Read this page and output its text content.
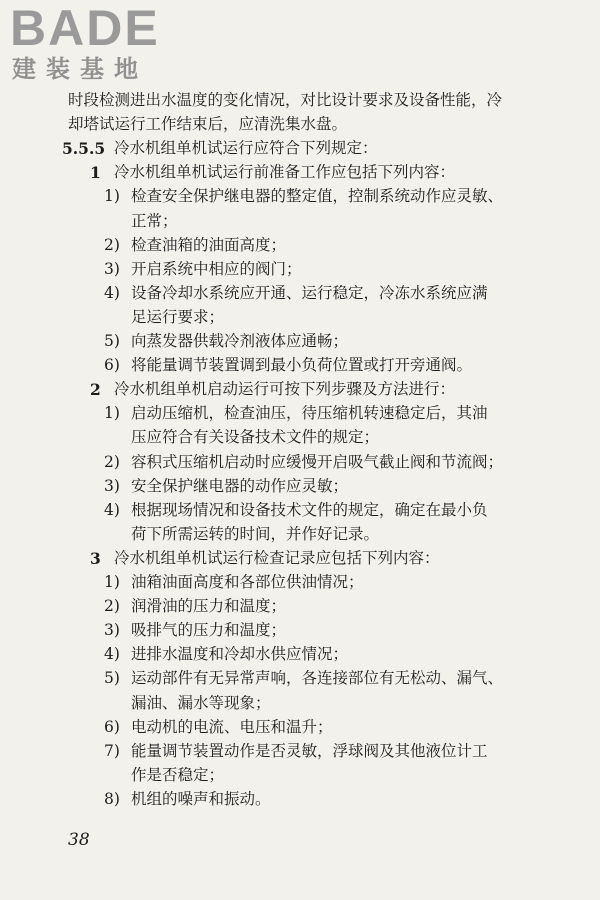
BADE
建装基地
时段检测进出水温度的变化情况，对比设计要求及设备性能，冷
却塔试运行工作结束后，应清洗集水盘。
5.5.5 冷水机组单机试运行应符合下列规定：
1 冷水机组单机试运行前准备工作应包括下列内容：
1) 检查安全保护继电器的整定值，控制系统动作应灵敏、
正常；
2) 检查油箱的油面高度；
3) 开启系统中相应的阀门；
4) 设备冷却水系统应开通、运行稳定，冷冻水系统应满
足运行要求；
5) 向蒸发器供载冷剂液体应通畅；
6) 将能量调节装置调到最小负荷位置或打开旁通阀。
2 冷水机组单机启动运行可按下列步骤及方法进行：
1) 启动压缩机，检查油压，待压缩机转速稳定后，其油
压应符合有关设备技术文件的规定；
2) 容积式压缩机启动时应缓慢开启吸气截止阀和节流阀；
3) 安全保护继电器的动作应灵敏；
4) 根据现场情况和设备技术文件的规定，确定在最小负
荷下所需运转的时间，并作好记录。
3 冷水机组单机试运行检查记录应包括下列内容：
1) 油箱油面高度和各部位供油情况；
2) 润滑油的压力和温度；
3) 吸排气的压力和温度；
4) 进排水温度和冷却水供应情况；
5) 运动部件有无异常声响，各连接部位有无松动、漏气、
漏油、漏水等现象；
6) 电动机的电流、电压和温升；
7) 能量调节装置动作是否灵敏，浮球阀及其他液位计工
作是否稳定；
8) 机组的噪声和振动。
38
